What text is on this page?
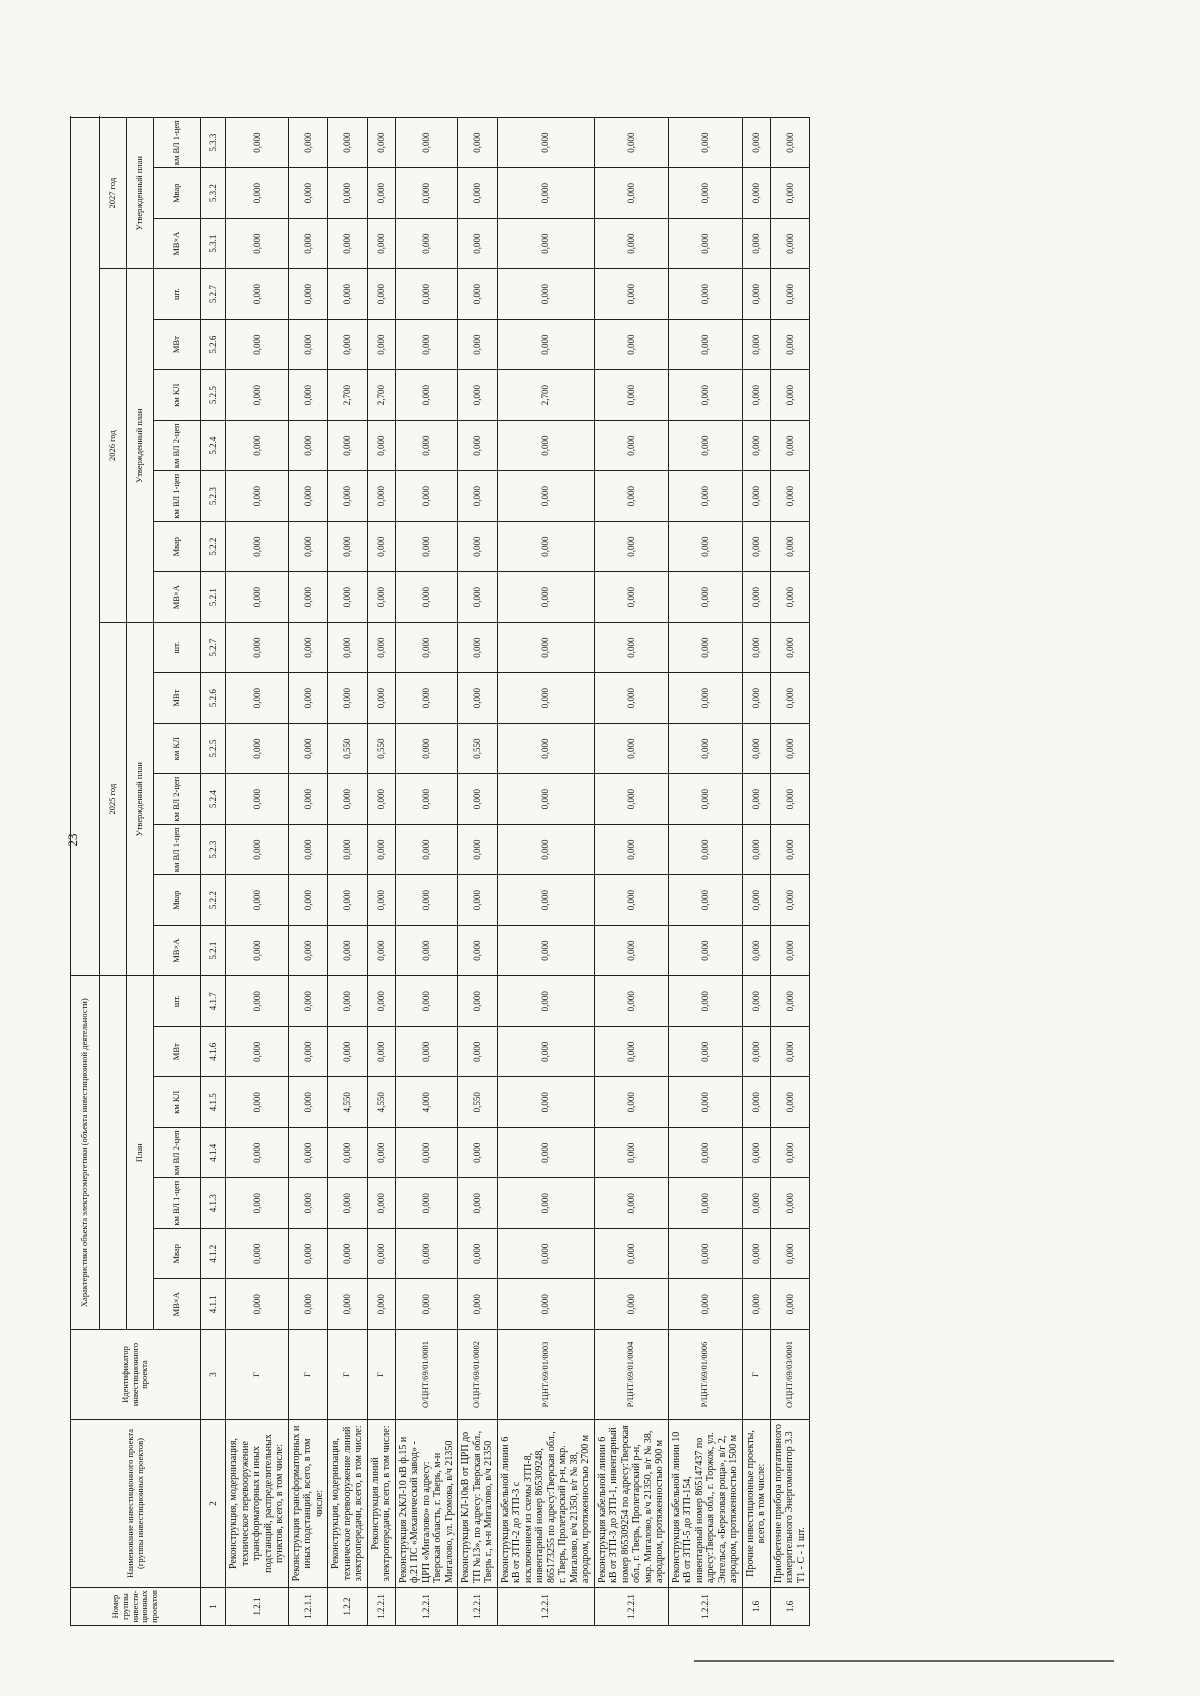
23
Номер группы инвести-ционных проектов	Наименование инвестиционного проекта (группы инвестиционных проектов)	Идентификатор инвестиционного проекта	Характеристики объекта электроэнергетики (объекта инвестиционной деятельности)																							
										2025 год							2026 год							2027 год		
			План							Утвержденный план							Утвержденный план							Утвержденный план		
			МВ×А	Мвар	км ВЛ 1-цеп	км ВЛ 2-цеп	км КЛ	МВт	шт.	МВ×А	Мвар	км ВЛ 1-цеп	км ВЛ 2-цеп	км КЛ	МВт	шт.	МВ×А	Мвар	км ВЛ 1-цеп	км ВЛ 2-цеп	км КЛ	МВт	шт.	МВ×А	Мвар	км ВЛ 1-цеп
1	2	3	4.1.1	4.1.2	4.1.3	4.1.4	4.1.5	4.1.6	4.1.7	5.2.1	5.2.2	5.2.3	5.2.4	5.2.5	5.2.6	5.2.7	5.2.1	5.2.2	5.2.3	5.2.4	5.2.5	5.2.6	5.2.7	5.3.1	5.3.2	5.3.3
1.2.1	Реконструкция, модернизация, техническое перевооружение трансформаторных и иных подстанций, распределительных пунктов, всего, в том числе:	Г	0,000	0,000	0,000	0,000	0,000	0,000	0,000	0,000	0,000	0,000	0,000	0,000	0,000	0,000	0,000	0,000	0,000	0,000	0,000	0,000	0,000	0,000	0,000	0,000
1.2.1.1	Реконструкция трансформаторных и иных подстанций, всего, в том числе:	Г	0,000	0,000	0,000	0,000	0,000	0,000	0,000	0,000	0,000	0,000	0,000	0,000	0,000	0,000	0,000	0,000	0,000	0,000	0,000	0,000	0,000	0,000	0,000	0,000
1.2.2	Реконструкция, модернизация, техническое перевооружение линий электропередачи, всего, в том числе:	Г	0,000	0,000	0,000	0,000	4,550	0,000	0,000	0,000	0,000	0,000	0,000	0,550	0,000	0,000	0,000	0,000	0,000	0,000	2,700	0,000	0,000	0,000	0,000	0,000
1.2.2.1	Реконструкция линий электропередачи, всего, в том числе:	Г	0,000	0,000	0,000	0,000	4,550	0,000	0,000	0,000	0,000	0,000	0,000	0,550	0,000	0,000	0,000	0,000	0,000	0,000	2,700	0,000	0,000	0,000	0,000	0,000
1.2.2.1	Реконструкция 2хКЛ-10 кВ ф.15 и ф.21 ПС «Механический завод» - ЦРП «Мигалово» по адресу: Тверская область, г. Тверь, м-н Мигалово, ул. Громова, в/ч 21350	О/ЦНТ/69/01/0001	0,000	0,000	0,000	0,000	4,000	0,000	0,000	0,000	0,000	0,000	0,000	0,000	0,000	0,000	0,000	0,000	0,000	0,000	0,000	0,000	0,000	0,000	0,000	0,000
1.2.2.1	Реконструкция КЛ-10кВ от ЦРП до ТП №13», по адресу: Тверская обл., Тверь г., м-н Мигалово, в/ч 21350	О/ЦНТ/69/01/0002	0,000	0,000	0,000	0,000	0,550	0,000	0,000	0,000	0,000	0,000	0,000	0,550	0,000	0,000	0,000	0,000	0,000	0,000	0,000	0,000	0,000	0,000	0,000	0,000
1.2.2.1	Реконструкция кабельной линии 6 кВ от ЗТП-2 до ЗТП-3 с исключением из схемы ЗТП-8, инвентарный номер 865309248, 865173255 по адресу:Тверская обл., г. Тверь, Пролетарский р-н, мкр. Мигалово, в/ч 21350, в/г № 38, аэродром, протяженностью 2700 м	Р/ЦНТ/69/01/0003	0,000	0,000	0,000	0,000	0,000	0,000	0,000	0,000	0,000	0,000	0,000	0,000	0,000	0,000	0,000	0,000	0,000	0,000	2,700	0,000	0,000	0,000	0,000	0,000
1.2.2.1	Реконструкция кабельной линии 6 кВ от ЗТП-3 до ЗТП-1, инвентарный номер 865309254 по адресу:Тверская обл., г. Тверь, Пролетарский р-н, мкр. Мигалово, в/ч 21350, в/г № 38, аэродром, протяженностью 900 м	Р/ЦНТ/69/01/0004	0,000	0,000	0,000	0,000	0,000	0,000	0,000	0,000	0,000	0,000	0,000	0,000	0,000	0,000	0,000	0,000	0,000	0,000	0,000	0,000	0,000	0,000	0,000	0,000
1.2.2.1	Реконструкция кабельной линии 10 кВ от ЗТП-5 до ЗТП-154, инвентарный номер 865147437 по адресу:Тверская обл., г. Торжок, ул. Энгельса, «Березовая роща», в/г 2, аэродром, протяженностью 1500 м	Р/ЦНТ/69/01/0006	0,000	0,000	0,000	0,000	0,000	0,000	0,000	0,000	0,000	0,000	0,000	0,000	0,000	0,000	0,000	0,000	0,000	0,000	0,000	0,000	0,000	0,000	0,000	0,000
1.6	Прочие инвестиционные проекты, всего, в том числе:	Г	0,000	0,000	0,000	0,000	0,000	0,000	0,000	0,000	0,000	0,000	0,000	0,000	0,000	0,000	0,000	0,000	0,000	0,000	0,000	0,000	0,000	0,000	0,000	0,000
1.6	Приобретение прибора портативного измерительного Энергомонитор 3.3 Т1 - С - 1 шт.	О/ЦНТ/69/03/0001	0,000	0,000	0,000	0,000	0,000	0,000	0,000	0,000	0,000	0,000	0,000	0,000	0,000	0,000	0,000	0,000	0,000	0,000	0,000	0,000	0,000	0,000	0,000	0,000
